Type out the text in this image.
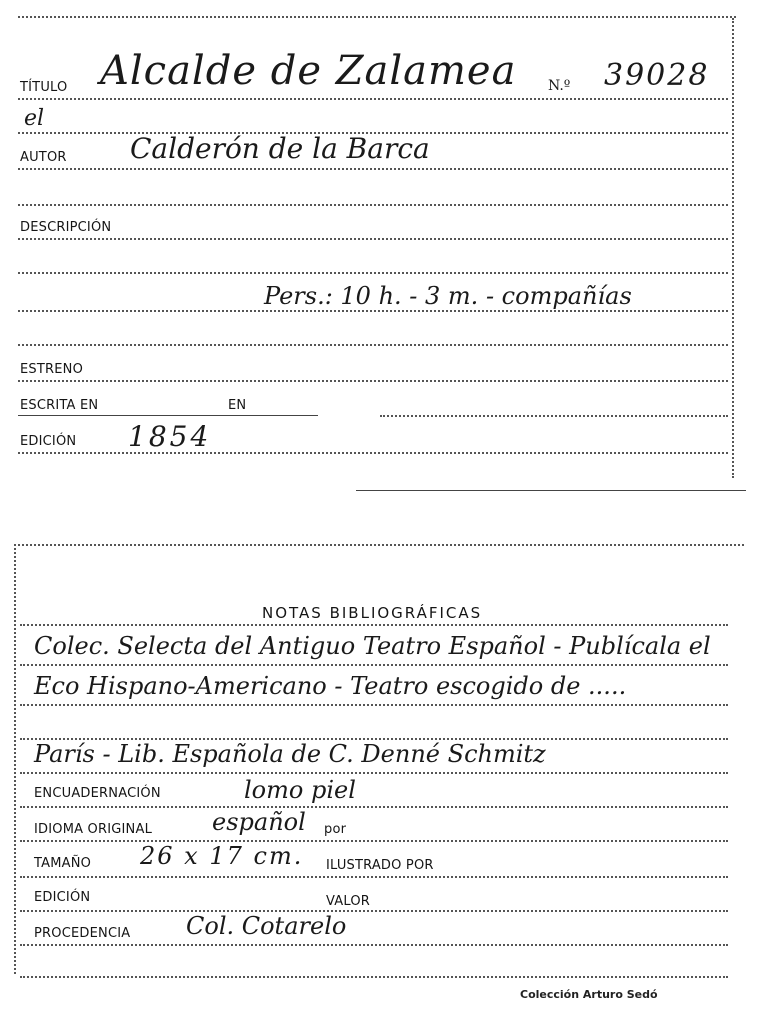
TÍTULO Alcalde de Zalamea N.º 39028
el
AUTOR Calderón de la Barca
DESCRIPCIÓN
Pers.: 10 h. - 3 m. - compañías
ESTRENO
ESCRITA EN	EN
EDICIÓN 1854
NOTAS BIBLIOGRÁFICAS
Colec. Selecta del Antiguo Teatro Español - Publícala el
Eco Hispano-Americano - Teatro escogido de .....
París - Lib. Española de C. Denné Schmitz
ENCUADERNACIÓN	lomo piel
IDIOMA ORIGINAL español por
TAMAÑO 26 x 17 cm. ILUSTRADO POR
EDICIÓN	VALOR
PROCEDENCIA Col. Cotarelo
Colección Arturo Sedó
